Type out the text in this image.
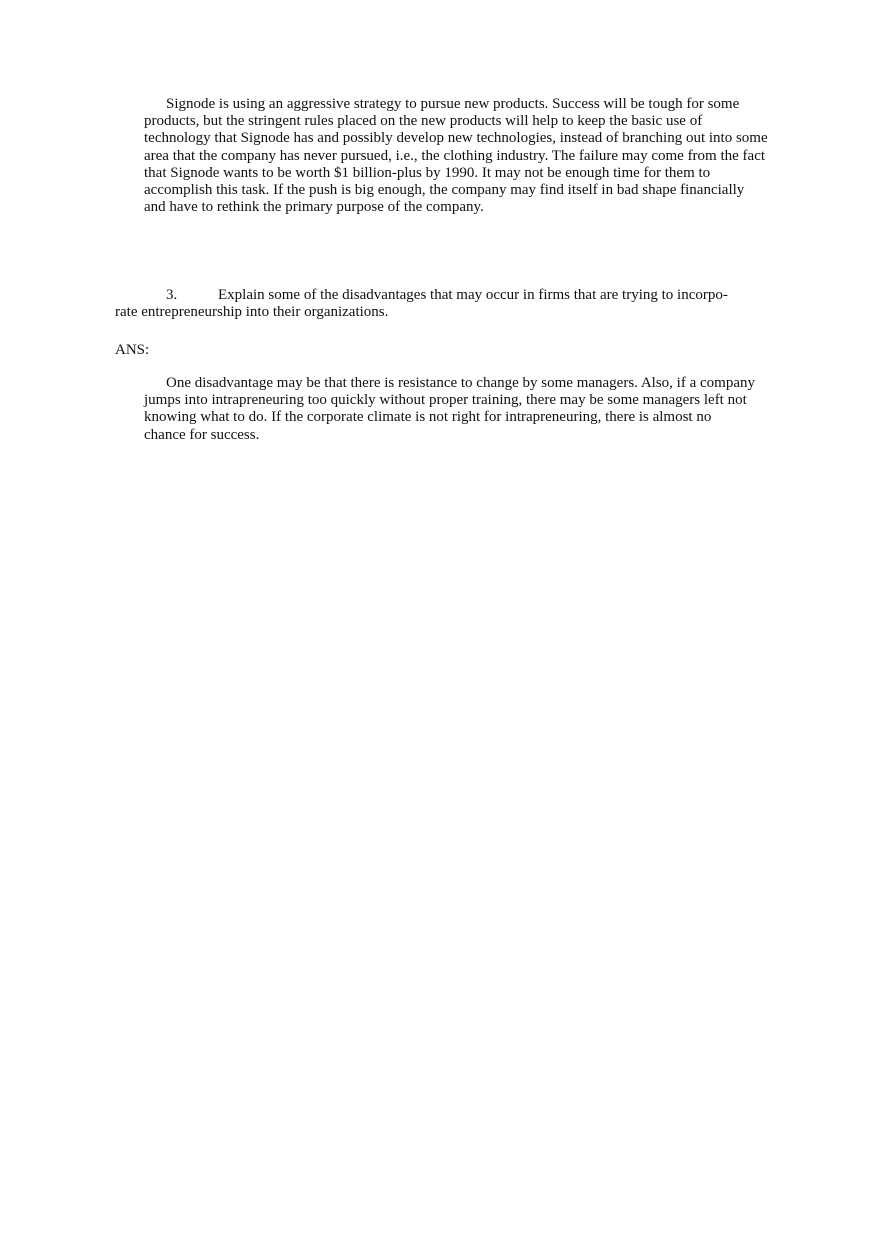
Signode is using an aggressive strategy to pursue new products. Success will be tough for some products, but the stringent rules placed on the new products will help to keep the basic use of technology that Signode has and possibly develop new technologies, instead of branching out into some area that the company has never pursued, i.e., the clothing industry. The failure may come from the fact that Signode wants to be worth $1 billion-plus by 1990. It may not be enough time for them to accomplish this task. If the push is big enough, the company may find itself in bad shape financially and have to rethink the primary purpose of the company.

3.	Explain some of the disadvantages that may occur in firms that are trying to incorpo-
rate entrepreneurship into their organizations.

ANS:

One disadvantage may be that there is resistance to change by some managers. Also, if a company jumps into intrapreneuring too quickly without proper training, there may be some managers left not knowing what to do. If the corporate climate is not right for intrapreneuring, there is almost no chance for success.
